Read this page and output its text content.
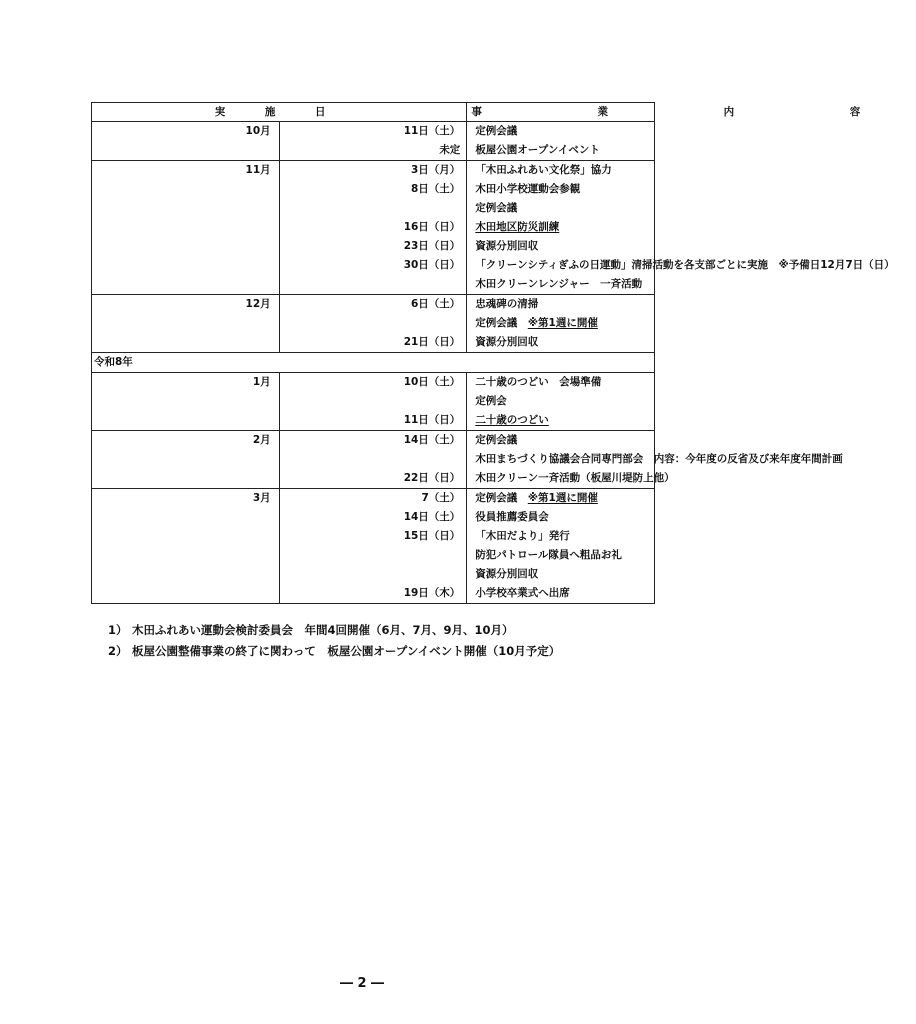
実 施 日		事 業 内 容
10月	11日（土）	定例会議
	未定	板屋公園オープンイベント
11月	3日（月）	「木田ふれあい文化祭」協力
	8日（土）	木田小学校運動会参観
		定例会議
	16日（日）	木田地区防災訓練
	23日（日）	資源分別回収
	30日（日）	「クリーンシティぎふの日運動」清掃活動を各支部ごとに実施　※予備日12月7日（日）
		木田クリーンレンジャー　一斉活動
12月	6日（土）	忠魂碑の清掃
		定例会議　※第1週に開催
	21日（日）	資源分別回収
令和8年		
1月	10日（土）	二十歳のつどい　会場準備
		定例会
	11日（日）	二十歳のつどい
2月	14日（土）	定例会議
		木田まちづくり協議会合同専門部会　内容：今年度の反省及び来年度年間計画
	22日（日）	木田クリーン一斉活動（板屋川堤防上他）
3月	7（土）	定例会議　※第1週に開催
	14日（土）	役員推薦委員会
	15日（日）	「木田だより」発行
		防犯パトロール隊員へ粗品お礼
		資源分別回収
	19日（木）	小学校卒業式へ出席
1） 木田ふれあい運動会検討委員会　年間4回開催（6月、7月、9月、10月）
2） 板屋公園整備事業の終了に関わって　板屋公園オープンイベント開催（10月予定）
― 2 ―
